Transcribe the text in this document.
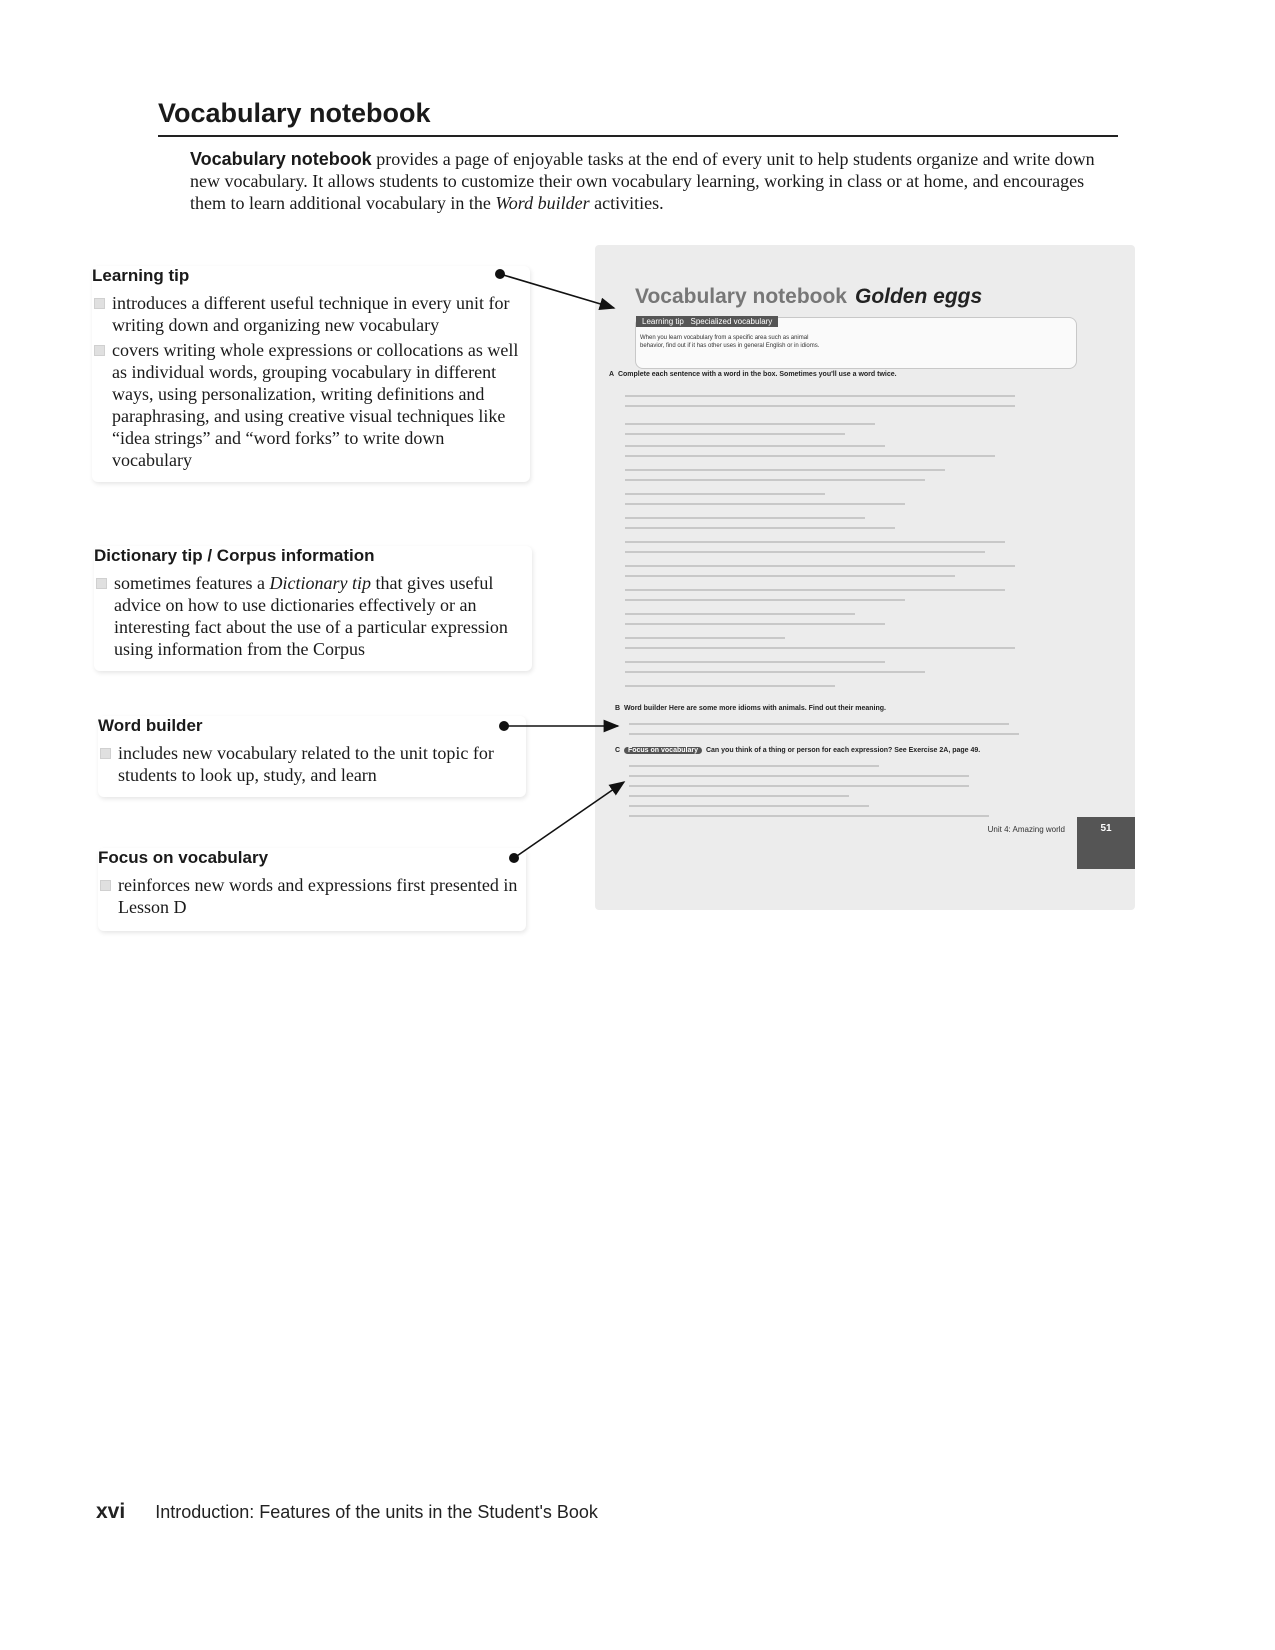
Vocabulary notebook
Vocabulary notebook provides a page of enjoyable tasks at the end of every unit to help students organize and write down new vocabulary. It allows students to customize their own vocabulary learning, working in class or at home, and encourages them to learn additional vocabulary in the Word builder activities.
Learning tip
introduces a different useful technique in every unit for writing down and organizing new vocabulary
covers writing whole expressions or collocations as well as individual words, grouping vocabulary in different ways, using personalization, writing definitions and paraphrasing, and using creative visual techniques like “idea strings” and “word forks” to write down vocabulary
Dictionary tip / Corpus information
sometimes features a Dictionary tip that gives useful advice on how to use dictionaries effectively or an interesting fact about the use of a particular expression using information from the Corpus
Word builder
includes new vocabulary related to the unit topic for students to look up, study, and learn
Focus on vocabulary
reinforces new words and expressions first presented in Lesson D
Vocabulary notebook Golden eggs
Learning tip Specialized vocabulary
When you learn vocabulary from a specific area such as animal behavior, find out if it has other uses in general English or in idioms.
A  Complete each sentence with a word in the box. Sometimes you'll use a word twice.
B  Word builder Here are some more idioms with animals. Find out their meaning.
C  Focus on vocabulary Can you think of a thing or person for each expression? See Exercise 2A, page 49.
Unit 4: Amazing world	51
xvi Introduction: Features of the units in the Student's Book
